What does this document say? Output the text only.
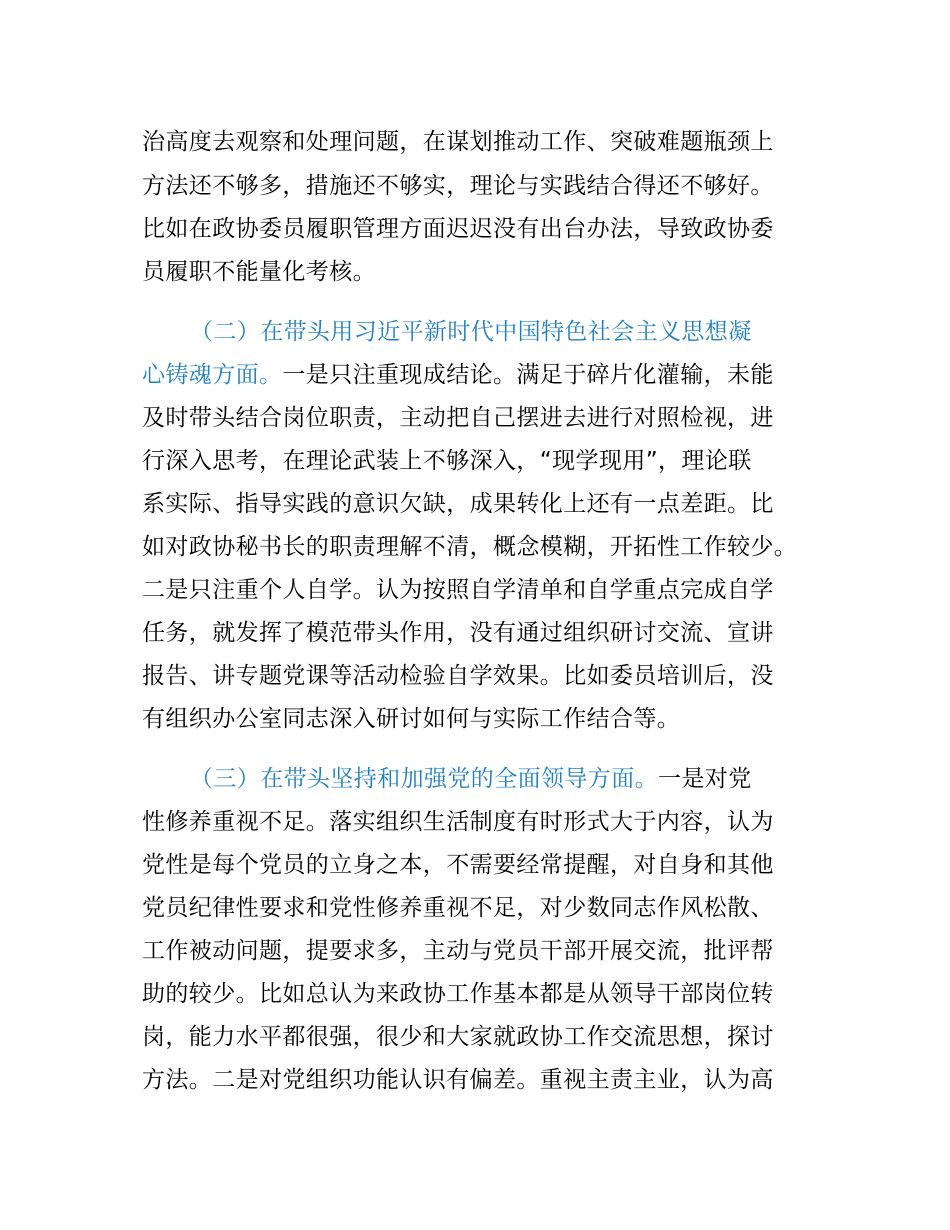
治高度去观察和处理问题，在谋划推动工作、突破难题瓶颈上
方法还不够多，措施还不够实，理论与实践结合得还不够好。
比如在政协委员履职管理方面迟迟没有出台办法，导致政协委
员履职不能量化考核。
（二）在带头用习近平新时代中国特色社会主义思想凝
心铸魂方面。一是只注重现成结论。满足于碎片化灌输，未能
及时带头结合岗位职责，主动把自己摆进去进行对照检视，进
行深入思考，在理论武装上不够深入，“现学现用”，理论联
系实际、指导实践的意识欠缺，成果转化上还有一点差距。比
如对政协秘书长的职责理解不清，概念模糊，开拓性工作较少。
二是只注重个人自学。认为按照自学清单和自学重点完成自学
任务，就发挥了模范带头作用，没有通过组织研讨交流、宣讲
报告、讲专题党课等活动检验自学效果。比如委员培训后，没
有组织办公室同志深入研讨如何与实际工作结合等。
（三）在带头坚持和加强党的全面领导方面。一是对党
性修养重视不足。落实组织生活制度有时形式大于内容，认为
党性是每个党员的立身之本，不需要经常提醒，对自身和其他
党员纪律性要求和党性修养重视不足，对少数同志作风松散、
工作被动问题，提要求多，主动与党员干部开展交流，批评帮
助的较少。比如总认为来政协工作基本都是从领导干部岗位转
岗，能力水平都很强，很少和大家就政协工作交流思想，探讨
方法。二是对党组织功能认识有偏差。重视主责主业，认为高
